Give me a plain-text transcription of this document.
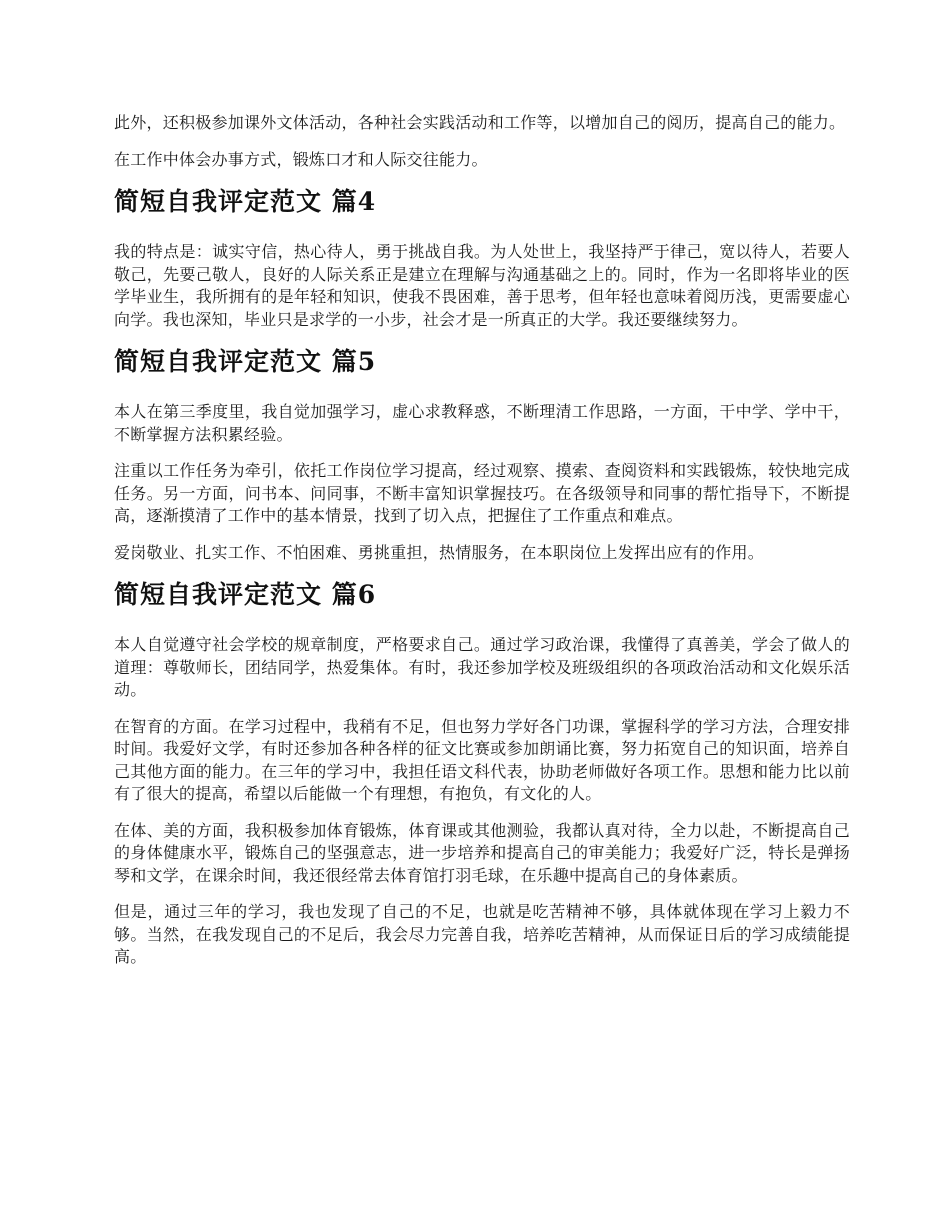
此外，还积极参加课外文体活动，各种社会实践活动和工作等，以增加自己的阅历，提高自己的能力。

在工作中体会办事方式，锻炼口才和人际交往能力。

简短自我评定范文 篇4

我的特点是：诚实守信，热心待人，勇于挑战自我。为人处世上，我坚持严于律己，宽以待人，若要人敬己，先要己敬人，良好的人际关系正是建立在理解与沟通基础之上的。同时，作为一名即将毕业的医学毕业生，我所拥有的是年轻和知识，使我不畏困难，善于思考，但年轻也意味着阅历浅，更需要虚心向学。我也深知，毕业只是求学的一小步，社会才是一所真正的大学。我还要继续努力。

简短自我评定范文 篇5

本人在第三季度里，我自觉加强学习，虚心求教释惑，不断理清工作思路，一方面，干中学、学中干，不断掌握方法积累经验。

注重以工作任务为牵引，依托工作岗位学习提高，经过观察、摸索、查阅资料和实践锻炼，较快地完成任务。另一方面，问书本、问同事，不断丰富知识掌握技巧。在各级领导和同事的帮忙指导下，不断提高，逐渐摸清了工作中的基本情景，找到了切入点，把握住了工作重点和难点。

爱岗敬业、扎实工作、不怕困难、勇挑重担，热情服务，在本职岗位上发挥出应有的作用。

简短自我评定范文 篇6

本人自觉遵守社会学校的规章制度，严格要求自己。通过学习政治课，我懂得了真善美，学会了做人的道理：尊敬师长，团结同学，热爱集体。有时，我还参加学校及班级组织的各项政治活动和文化娱乐活动。

在智育的方面。在学习过程中，我稍有不足，但也努力学好各门功课，掌握科学的学习方法，合理安排时间。我爱好文学，有时还参加各种各样的征文比赛或参加朗诵比赛，努力拓宽自己的知识面，培养自己其他方面的能力。在三年的学习中，我担任语文科代表，协助老师做好各项工作。思想和能力比以前有了很大的提高，希望以后能做一个有理想，有抱负，有文化的人。

在体、美的方面，我积极参加体育锻炼，体育课或其他测验，我都认真对待，全力以赴，不断提高自己的身体健康水平，锻炼自己的坚强意志，进一步培养和提高自己的审美能力；我爱好广泛，特长是弹扬琴和文学，在课余时间，我还很经常去体育馆打羽毛球，在乐趣中提高自己的身体素质。

但是，通过三年的学习，我也发现了自己的不足，也就是吃苦精神不够，具体就体现在学习上毅力不够。当然，在我发现自己的不足后，我会尽力完善自我，培养吃苦精神，从而保证日后的学习成绩能提高。
